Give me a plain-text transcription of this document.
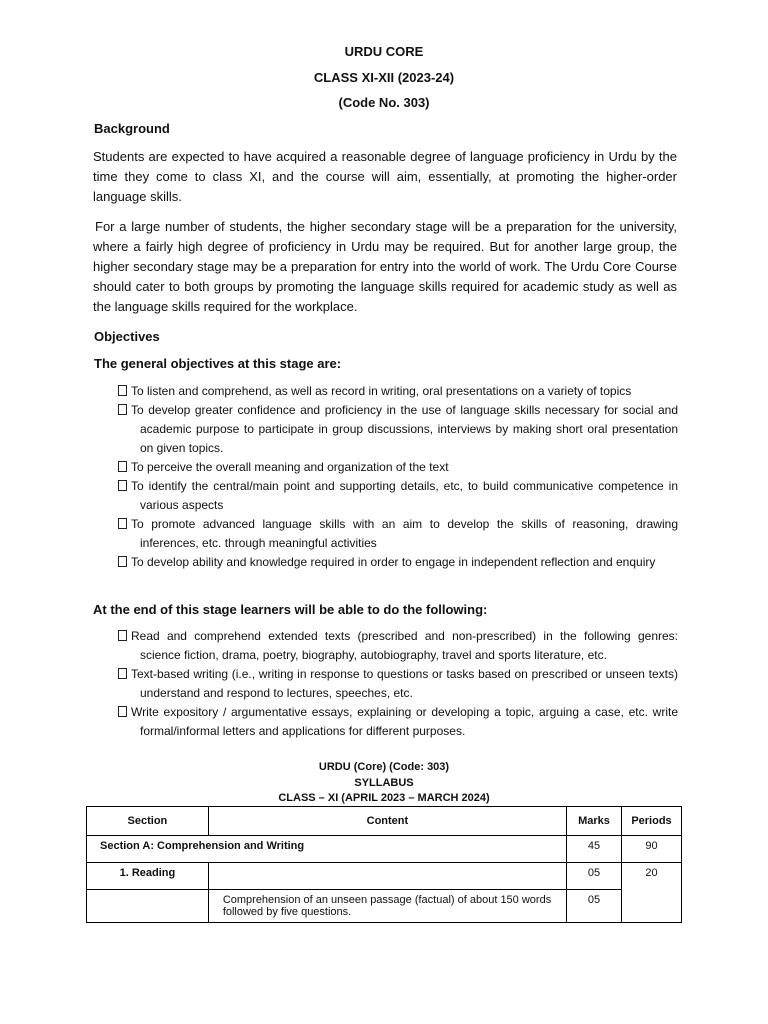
URDU CORE
CLASS XI-XII (2023-24)
(Code No. 303)
Background

Students are expected to have acquired a reasonable degree of language proficiency in Urdu by the time they come to class XI, and the course will aim, essentially, at promoting the higher-order language skills.

For a large number of students, the higher secondary stage will be a preparation for the university, where a fairly high degree of proficiency in Urdu may be required. But for another large group, the higher secondary stage may be a preparation for entry into the world of work. The Urdu Core Course should cater to both groups by promoting the language skills required for academic study as well as the language skills required for the workplace.

Objectives
The general objectives at this stage are:
To listen and comprehend, as well as record in writing, oral presentations on a variety of topics
To develop greater confidence and proficiency in the use of language skills necessary for social and academic purpose to participate in group discussions, interviews by making short oral presentation on given topics.
To perceive the overall meaning and organization of the text
To identify the central/main point and supporting details, etc, to build communicative competence in various aspects
To promote advanced language skills with an aim to develop the skills of reasoning, drawing inferences, etc. through meaningful activities
To develop ability and knowledge required in order to engage in independent reflection and enquiry
At the end of this stage learners will be able to do the following:
Read and comprehend extended texts (prescribed and non-prescribed) in the following genres: science fiction, drama, poetry, biography, autobiography, travel and sports literature, etc.
Text-based writing (i.e., writing in response to questions or tasks based on prescribed or unseen texts) understand and respond to lectures, speeches, etc.
Write expository / argumentative essays, explaining or developing a topic, arguing a case, etc. write formal/informal letters and applications for different purposes.
URDU (Core) (Code: 303)
SYLLABUS
CLASS – XI (APRIL 2023 – MARCH 2024)
Section	Content	Marks	Periods
Section A: Comprehension and Writing		45	90
1. Reading		05	20
	Comprehension of an unseen passage (factual) of about 150 words followed by five questions.	05	
